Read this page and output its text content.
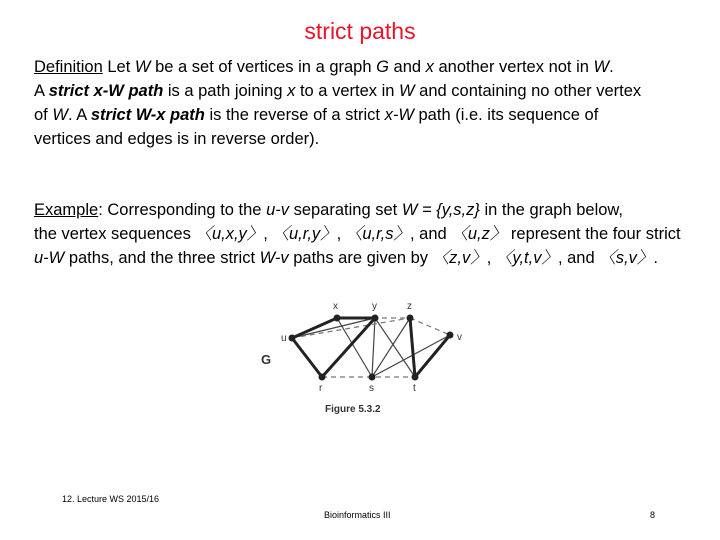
strict paths

Definition Let W be a set of vertices in a graph G and x another vertex not in W.
A strict x-W path is a path joining x to a vertex in W and containing no other vertex
of W. A strict W-x path is the reverse of a strict x-W path (i.e. its sequence of
vertices and edges is in reverse order).

Example: Corresponding to the u-v separating set W = {y,s,z} in the graph below,
the vertex sequences 〈u,x,y〉, 〈u,r,y〉, 〈u,r,s〉, and 〈u,z〉 represent the four strict
u-W paths, and the three strict W-v paths are given by 〈z,v〉, 〈y,t,v〉, and 〈s,v〉.

x	y	z
u	v
r	s	t
G
Figure 5.3.2
12. Lecture WS 2015/16
Bioinformatics III	8
